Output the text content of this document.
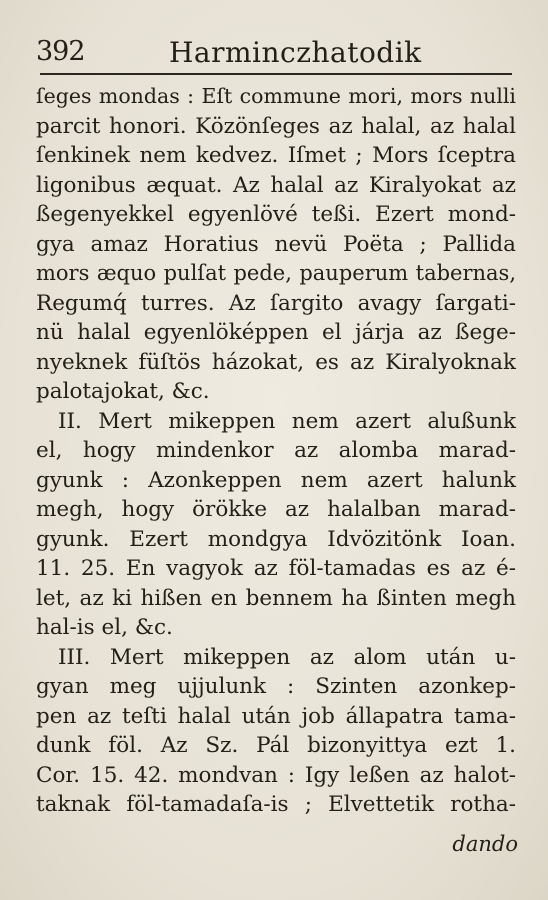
392	Harminczhatodik
ſeges mondas : Eſt commune mori, mors nulli
parcit honori. Közönſeges az halal, az halal
ſenkinek nem kedvez. Iſmet ; Mors ſceptra
ligonibus æquat. Az halal az Kiralyokat az
ßegenyekkel egyenlövé teßi. Ezert mond-
gya amaz Horatius nevü Poëta ; Pallida
mors æquo pulſat pede, pauperum tabernas,
Regumq́ turres. Az ſargito avagy ſargati-
nü halal egyenlöképpen el járja az ßege-
nyeknek füſtös házokat, es az Kiralyoknak
palotajokat, &c.
II. Mert mikeppen nem azert alußunk
el, hogy mindenkor az alomba marad-
gyunk : Azonkeppen nem azert halunk
megh, hogy örökke az halalban marad-
gyunk. Ezert mondgya Idvözitönk Ioan.
11. 25. En vagyok az föl-tamadas es az é-
let, az ki hißen en bennem ha ßinten megh
hal-is el, &c.
III. Mert mikeppen az alom után u-
gyan meg ujjulunk : Szinten azonkep-
pen az teſti halal után job állapatra tama-
dunk föl. Az Sz. Pál bizonyittya ezt 1.
Cor. 15. 42. mondvan : Igy leßen az halot-
taknak föl-tamadaſa-is ; Elvettetik rotha-
dando
